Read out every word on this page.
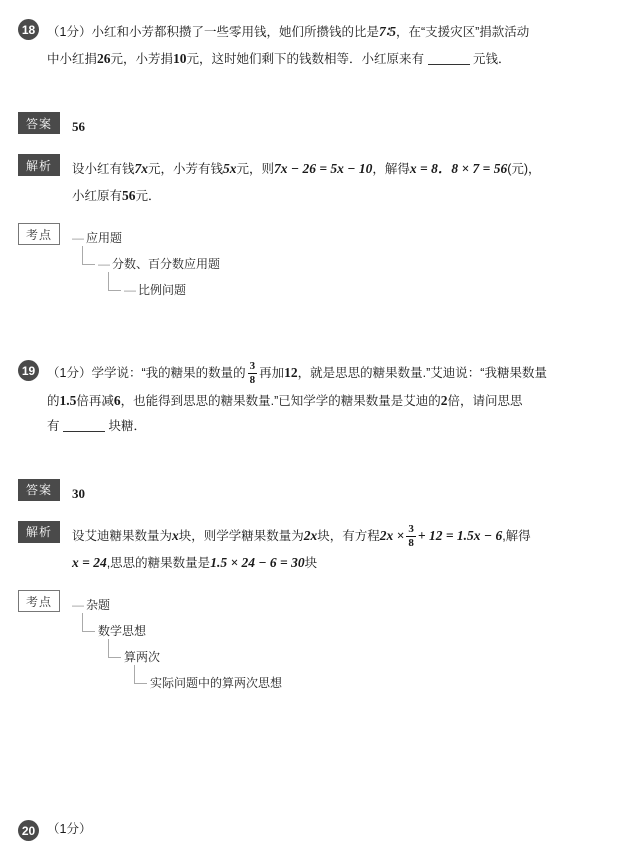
18 （1分）小红和小芳都积攒了一些零用钱，她们所攒钱的比是7∶5，在“支援灾区”捐款活动
中小红捐26元，小芳捐10元，这时她们剩下的钱数相等．小红原来有	元钱．
答案	56
解析	设小红有钱7x元，小芳有钱5x元，则7x − 26 = 5x − 10，解得x = 8．8 × 7 = 56(元)，
小红原有56元．
考点	— 应用题
— 分数、百分数应用题
— 比例问题
19 （1分）学学说：“我的糖果的数量的 $\frac{3}{8}$ 再加12，就是思思的糖果数量.”艾迪说：“我糖果数量
的1.5倍再减6，也能得到思思的糖果数量.”已知学学的糖果数量是艾迪的2倍，请问思思
有	块糖．
答案	30
解析	设艾迪糖果数量为x块，则学学糖果数量为2x块，有方程$2x \times \frac{3}{8} + 12 = 1.5x - 6$,解得
x = 24,思思的糖果数量是1.5 × 24 − 6 = 30块
考点	— 杂题
数学思想
算两次
实际问题中的算两次思想
20 （1分）
